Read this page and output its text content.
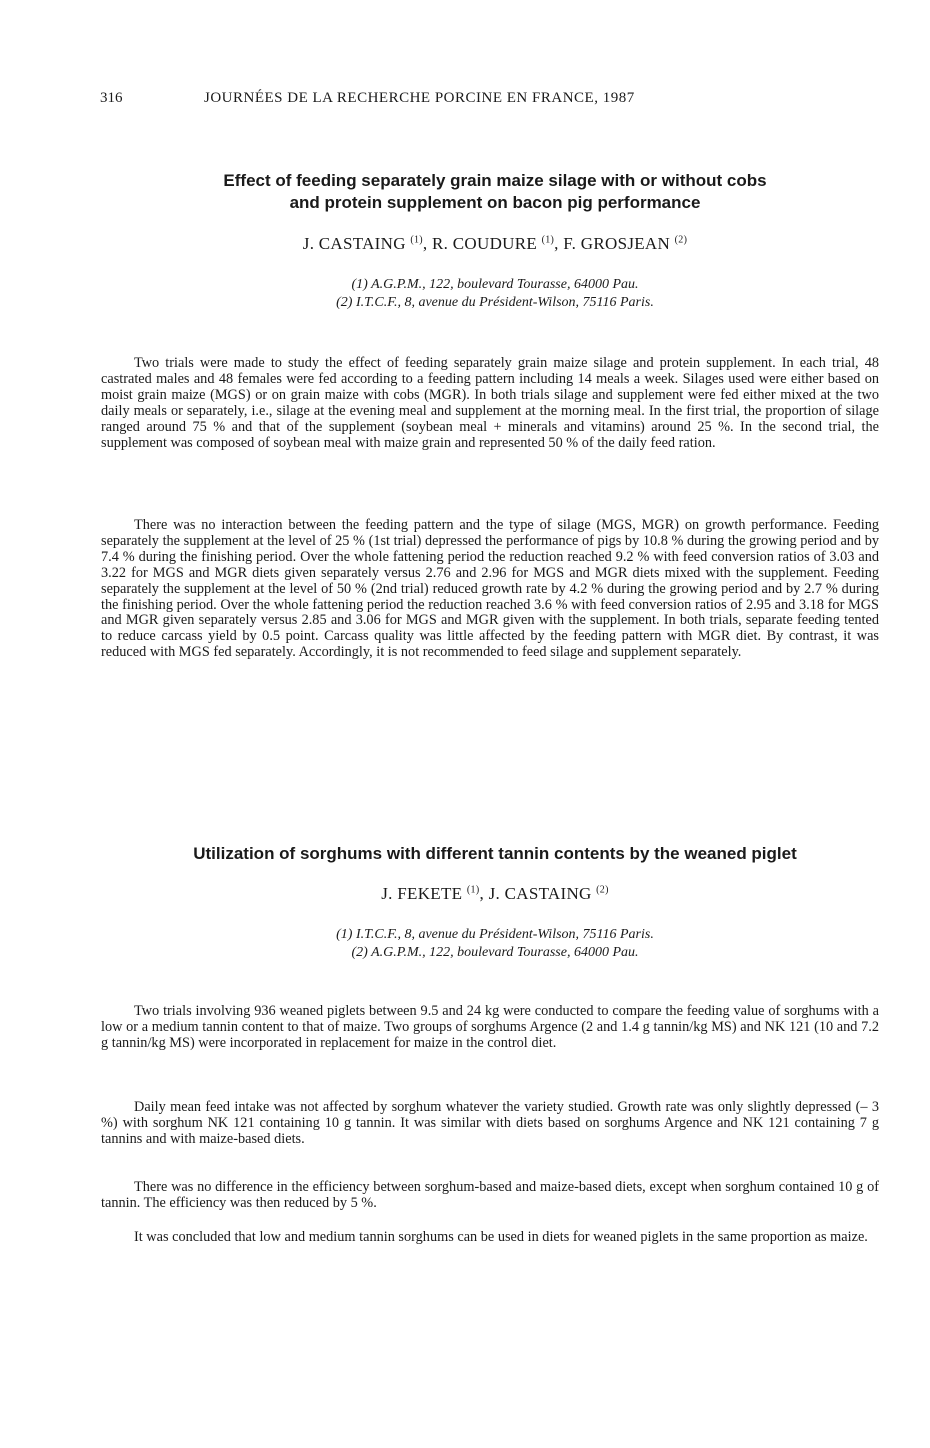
316	JOURNÉES DE LA RECHERCHE PORCINE EN FRANCE, 1987
Effect of feeding separately grain maize silage with or without cobs
and protein supplement on bacon pig performance
J. CASTAING $^{(1)}$, R. COUDURE $^{(1)}$, F. GROSJEAN $^{(2)}$
(1) A.G.P.M., 122, boulevard Tourasse, 64000 Pau.
(2) I.T.C.F., 8, avenue du Président-Wilson, 75116 Paris.

Two trials were made to study the effect of feeding separately grain maize silage and protein supplement. In each trial, 48 castrated males and 48 females were fed according to a feeding pattern including 14 meals a week. Silages used were either based on moist grain maize (MGS) or on grain maize with cobs (MGR). In both trials silage and supplement were fed either mixed at the two daily meals or separately, i.e., silage at the evening meal and supplement at the morning meal. In the first trial, the proportion of silage ranged around 75 % and that of the supplement (soybean meal + minerals and vitamins) around 25 %. In the second trial, the supplement was composed of soybean meal with maize grain and represented 50 % of the daily feed ration.

There was no interaction between the feeding pattern and the type of silage (MGS, MGR) on growth performance. Feeding separately the supplement at the level of 25 % (1st trial) depressed the performance of pigs by 10.8 % during the growing period and by 7.4 % during the finishing period. Over the whole fattening period the reduction reached 9.2 % with feed conversion ratios of 3.03 and 3.22 for MGS and MGR diets given separately versus 2.76 and 2.96 for MGS and MGR diets mixed with the supplement. Feeding separately the supplement at the level of 50 % (2nd trial) reduced growth rate by 4.2 % during the growing period and by 2.7 % during the finishing period. Over the whole fattening period the reduction reached 3.6 % with feed conversion ratios of 2.95 and 3.18 for MGS and MGR given separately versus 2.85 and 3.06 for MGS and MGR given with the supplement. In both trials, separate feeding tented to reduce carcass yield by 0.5 point. Carcass quality was little affected by the feeding pattern with MGR diet. By contrast, it was reduced with MGS fed separately. Accordingly, it is not recommended to feed silage and supplement separately.

Utilization of sorghums with different tannin contents by the weaned piglet
J. FEKETE $^{(1)}$, J. CASTAING $^{(2)}$
(1) I.T.C.F., 8, avenue du Président-Wilson, 75116 Paris.
(2) A.G.P.M., 122, boulevard Tourasse, 64000 Pau.

Two trials involving 936 weaned piglets between 9.5 and 24 kg were conducted to compare the feeding value of sorghums with a low or a medium tannin content to that of maize. Two groups of sorghums Argence (2 and 1.4 g tannin/kg MS) and NK 121 (10 and 7.2 g tannin/kg MS) were incorporated in replacement for maize in the control diet.

Daily mean feed intake was not affected by sorghum whatever the variety studied. Growth rate was only slightly depressed (– 3 %) with sorghum NK 121 containing 10 g tannin. It was similar with diets based on sorghums Argence and NK 121 containing 7 g tannins and with maize-based diets.

There was no difference in the efficiency between sorghum-based and maize-based diets, except when sorghum contained 10 g of tannin. The efficiency was then reduced by 5 %.

It was concluded that low and medium tannin sorghums can be used in diets for weaned piglets in the same proportion as maize.
